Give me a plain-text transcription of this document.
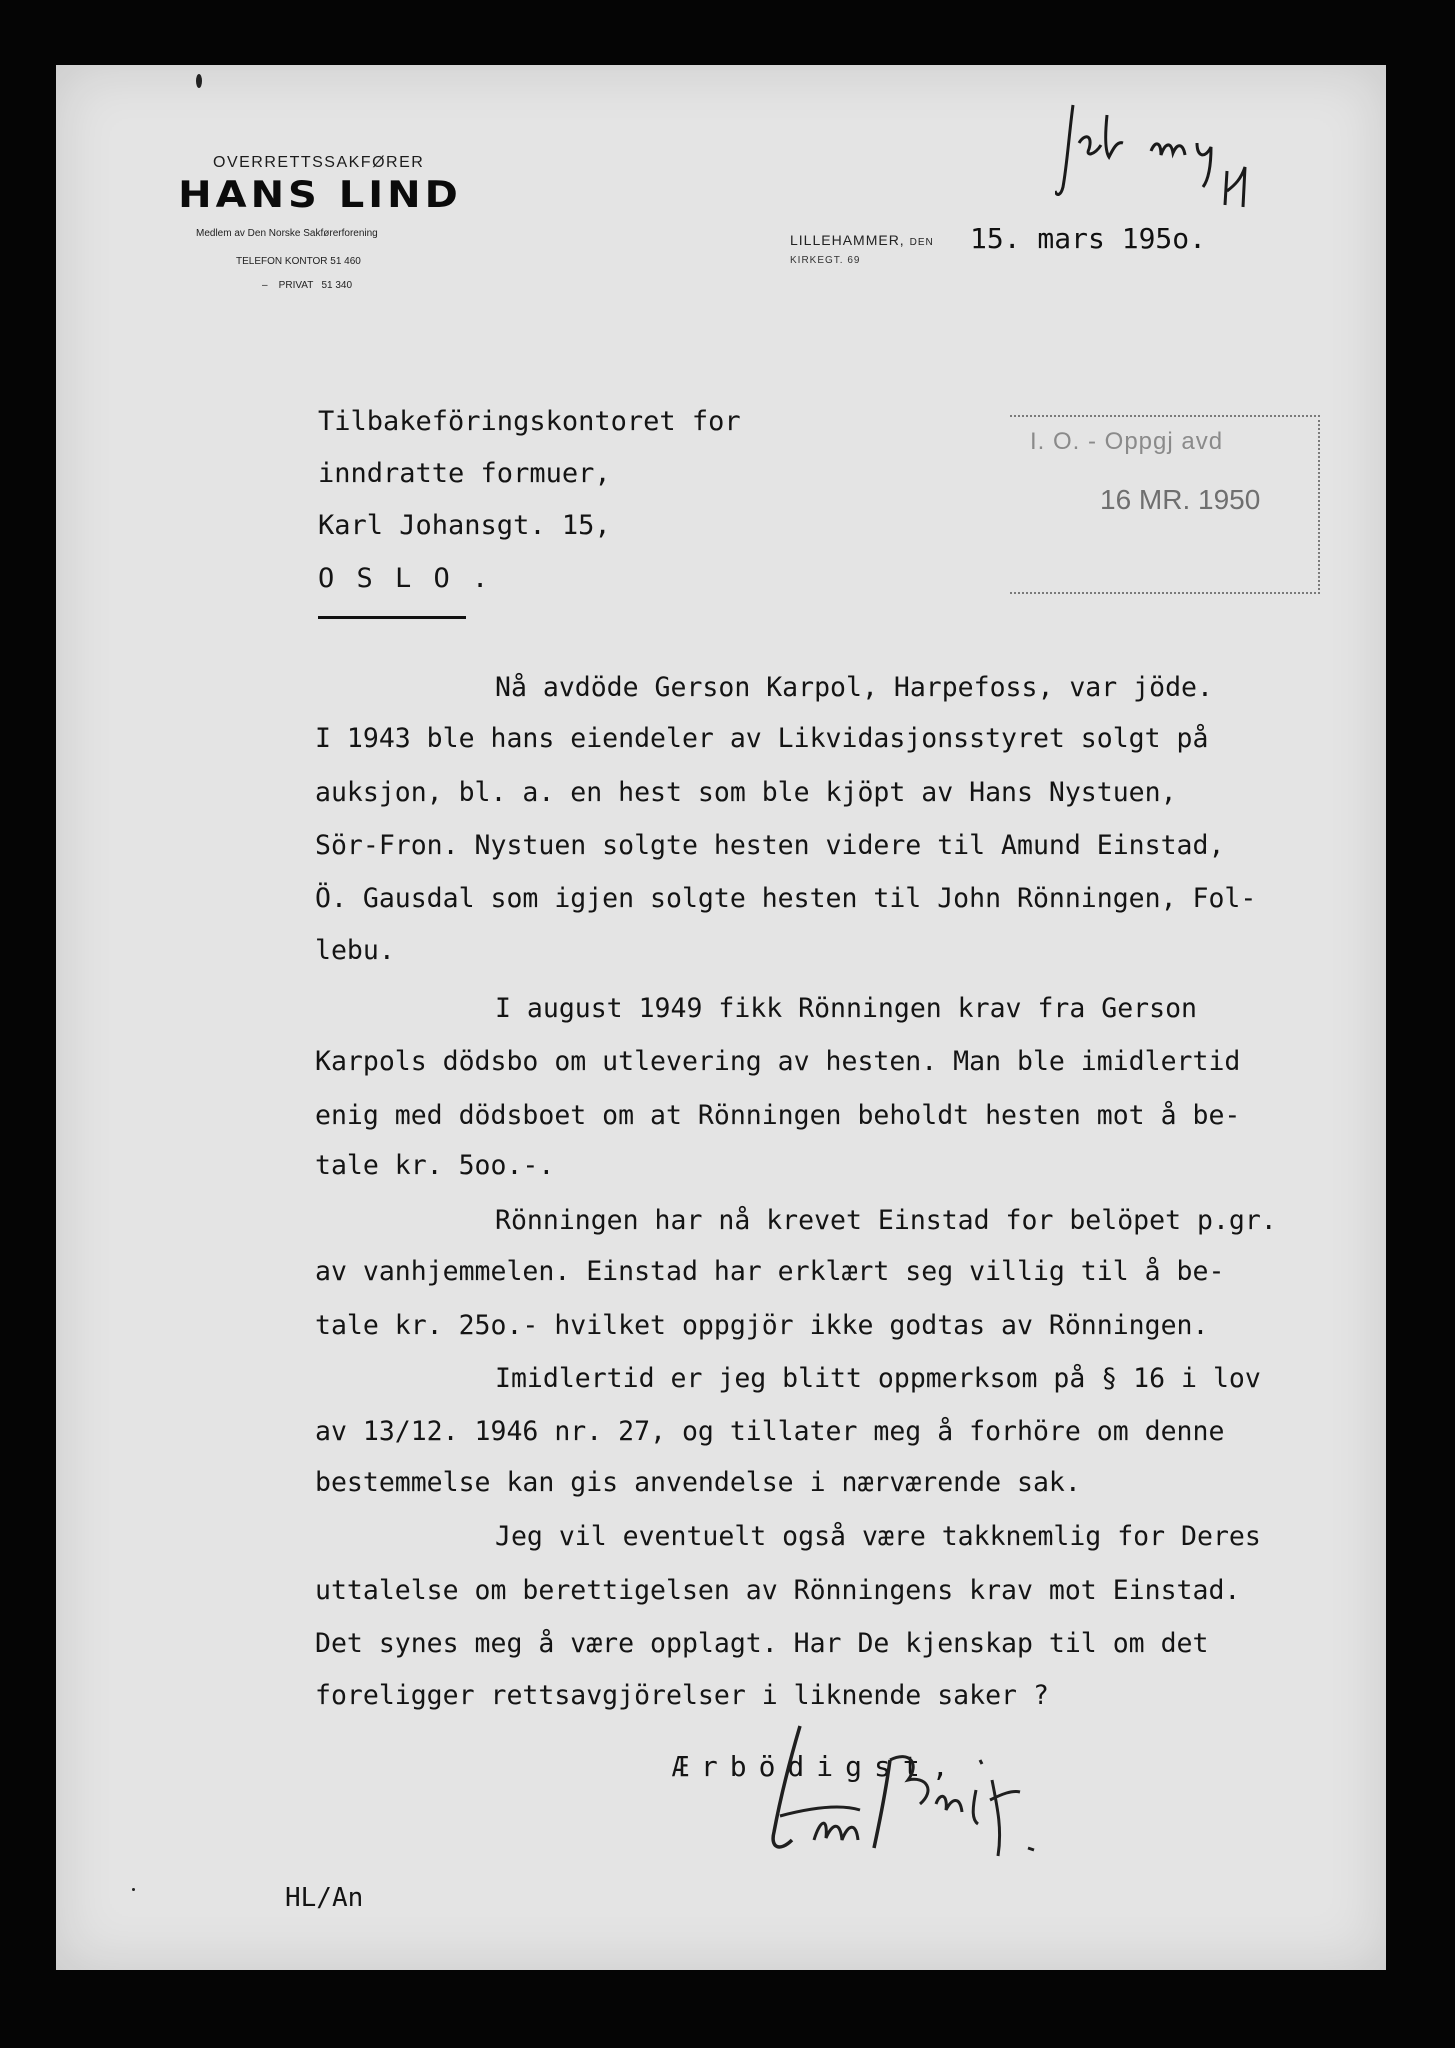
OVERRETTSSAKFØRER
HANS LIND
Medlem av Den Norske Sakførerforening
TELEFON KONTOR 51 460
–    PRIVAT   51 340
LILLEHAMMER, DEN 15. mars 195o.
KIRKEGT. 69
Tilbakeföringskontoret for
inndratte formuer,
Karl Johansgt. 15,
O S L O .
I. O. - Oppgj avd
16 MR. 1950
Nå avdöde Gerson Karpol, Harpefoss, var jöde.
I 1943 ble hans eiendeler av Likvidasjonsstyret solgt på
auksjon, bl. a. en hest som ble kjöpt av Hans Nystuen,
Sör-Fron. Nystuen solgte hesten videre til Amund Einstad,
Ö. Gausdal som igjen solgte hesten til John Rönningen, Fol-
lebu.
I august 1949 fikk Rönningen krav fra Gerson
Karpols dödsbo om utlevering av hesten. Man ble imidlertid
enig med dödsboet om at Rönningen beholdt hesten mot å be-
tale kr. 5oo.-.
Rönningen har nå krevet Einstad for belöpet p.gr.
av vanhjemmelen. Einstad har erklært seg villig til å be-
tale kr. 25o.- hvilket oppgjör ikke godtas av Rönningen.
Imidlertid er jeg blitt oppmerksom på § 16 i lov
av 13/12. 1946 nr. 27, og tillater meg å forhöre om denne
bestemmelse kan gis anvendelse i nærværende sak.
Jeg vil eventuelt også være takknemlig for Deres
uttalelse om berettigelsen av Rönningens krav mot Einstad.
Det synes meg å være opplagt. Har De kjenskap til om det
foreligger rettsavgjörelser i liknende saker ?
Ærbödigst,
HL/An
